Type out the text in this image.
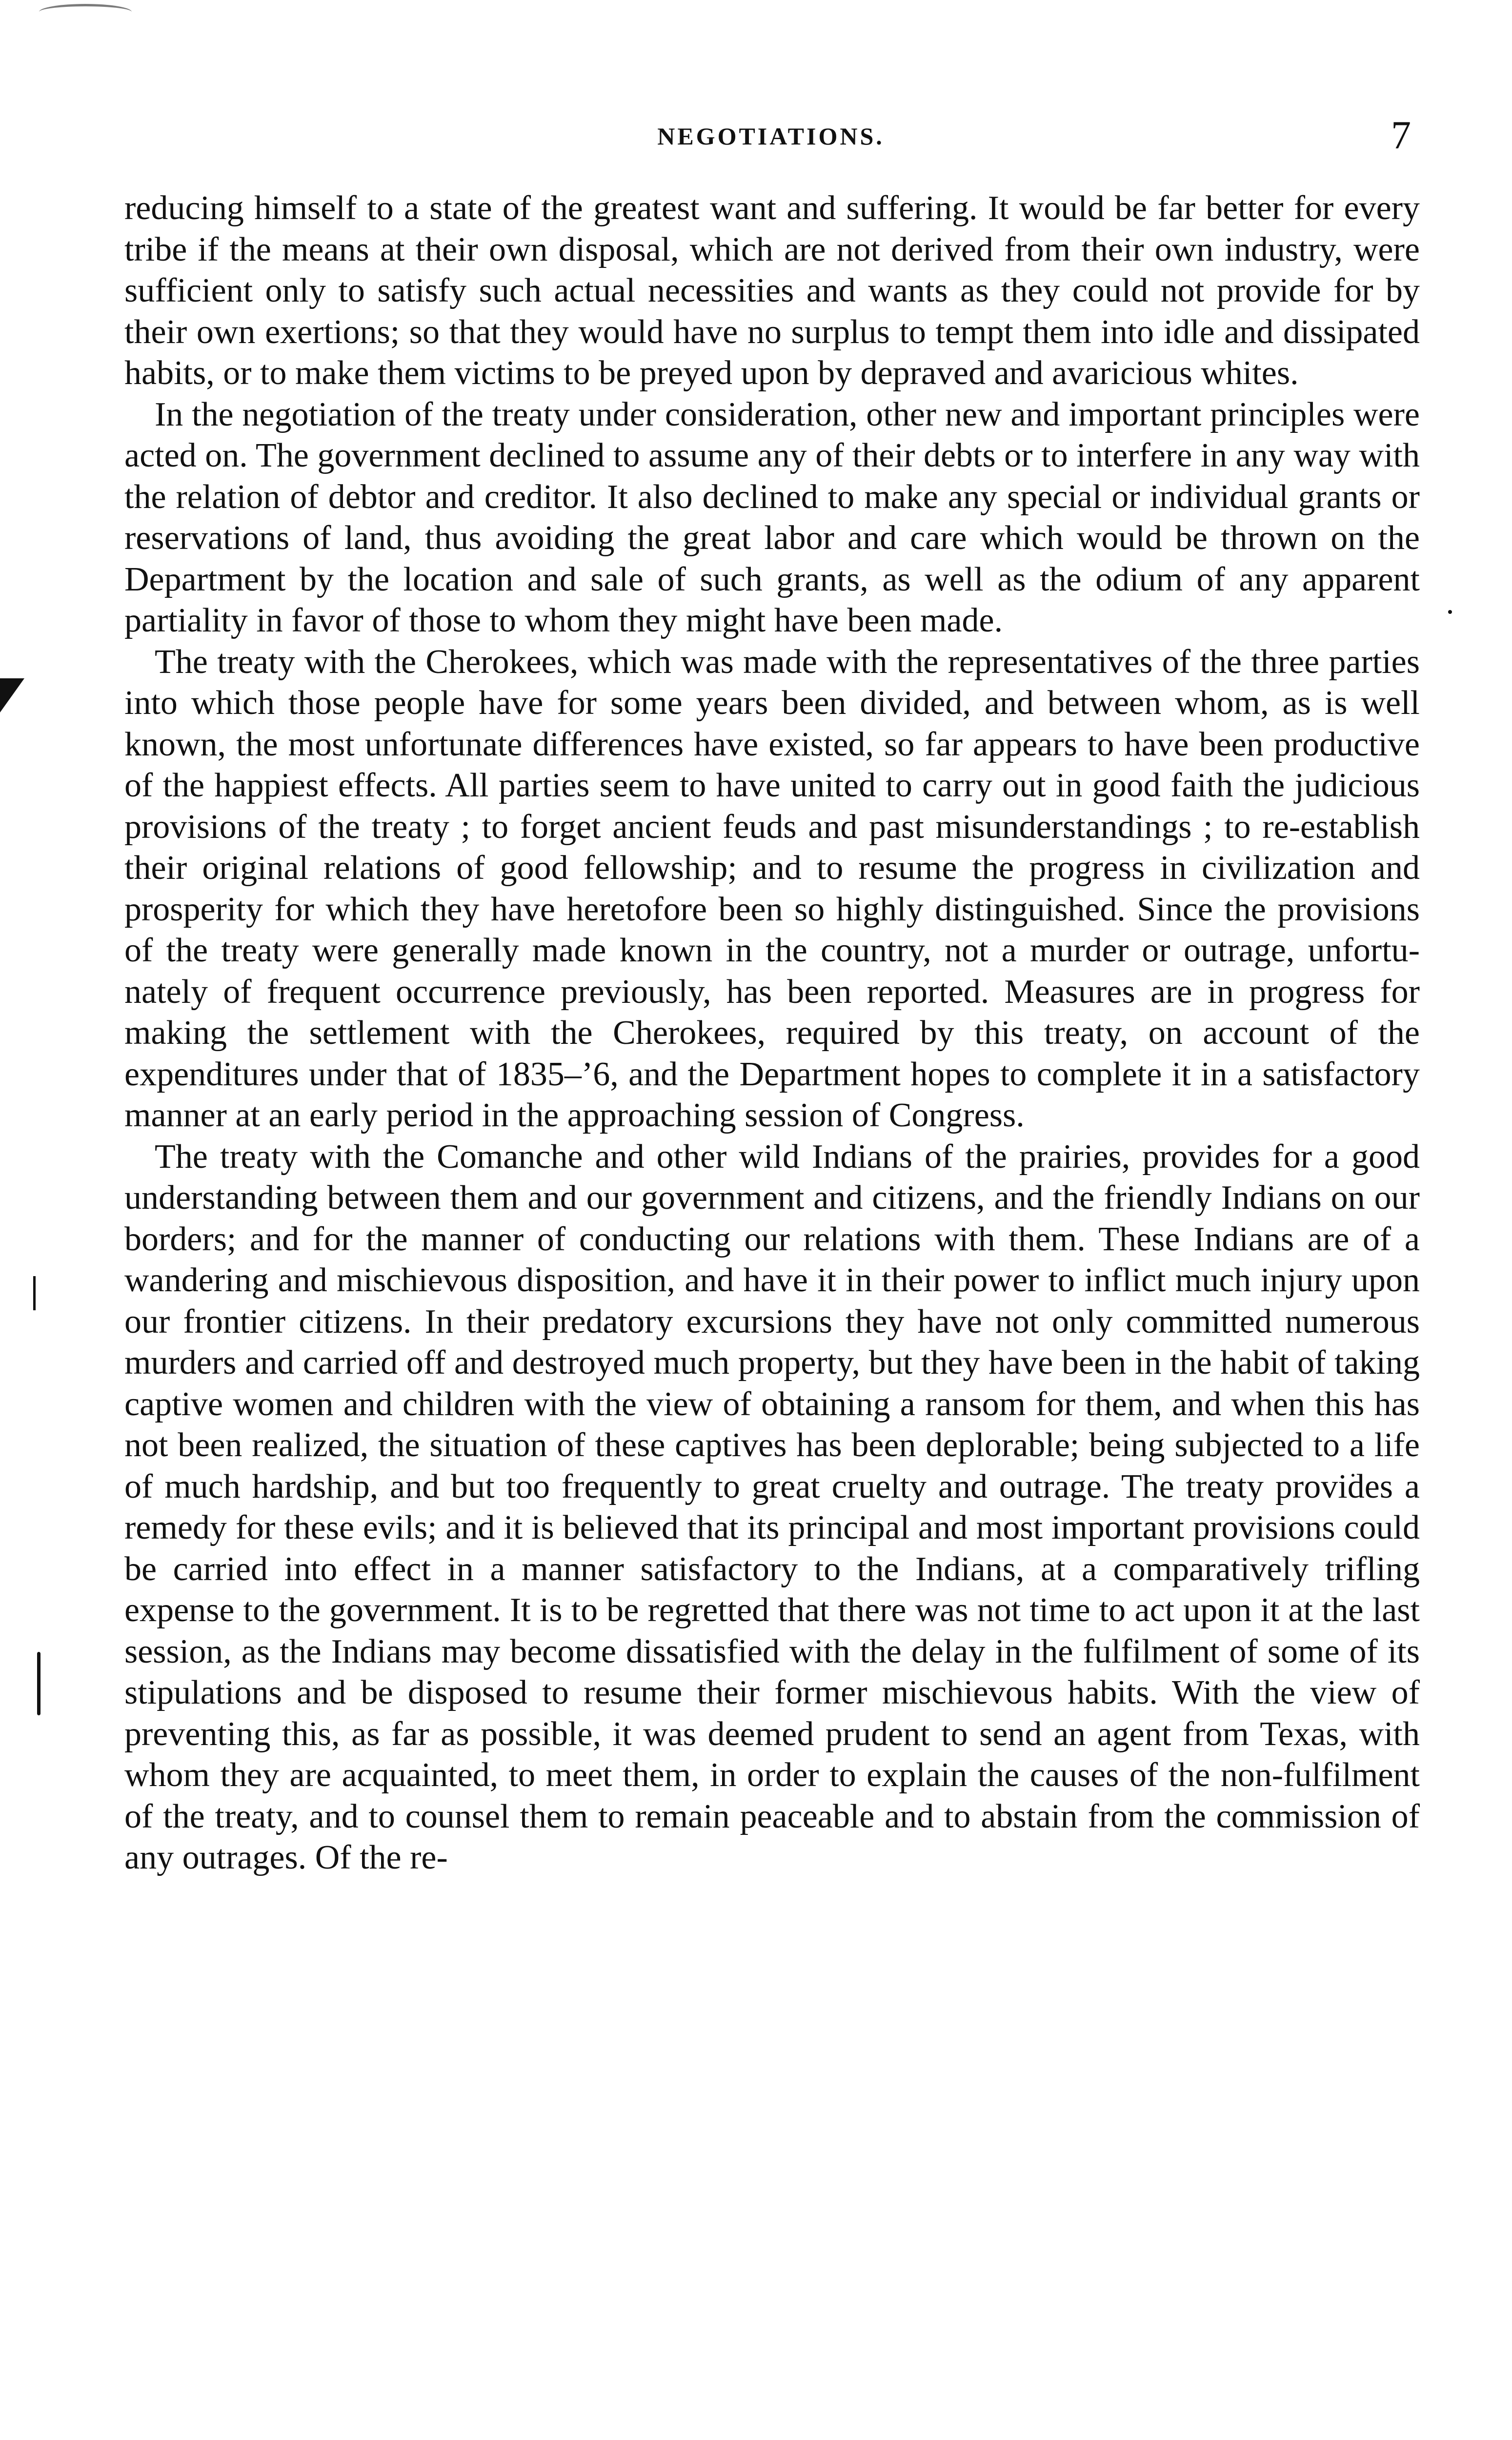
NEGOTIATIONS.	7

reducing himself to a state of the greatest want and suffering. It would be far better for every tribe if the means at their own disposal, which are not derived from their own industry, were sufficient only to satisfy such actual necessities and wants as they could not provide for by their own exertions; so that they would have no surplus to tempt them into idle and dissipated habits, or to make them victims to be preyed upon by depraved and avaricious whites.

In the negotiation of the treaty under consideration, other new and important principles were acted on. The government declined to assume any of their debts or to interfere in any way with the relation of debtor and creditor. It also declined to make any special or individual grants or reservations of land, thus avoiding the great labor and care which would be thrown on the Department by the location and sale of such grants, as well as the odium of any apparent partiality in favor of those to whom they might have been made.

The treaty with the Cherokees, which was made with the representatives of the three parties into which those people have for some years been divided, and between whom, as is well known, the most unfortunate differences have existed, so far appears to have been productive of the happiest effects. All parties seem to have united to carry out in good faith the judicious provisions of the treaty ; to forget ancient feuds and past misunderstandings ; to re-establish their original relations of good fellowship; and to resume the progress in civilization and prosperity for which they have heretofore been so highly distinguished. Since the provisions of the treaty were generally made known in the country, not a murder or outrage, unfortunately of frequent occurrence previously, has been reported. Measures are in progress for making the settlement with the Cherokees, required by this treaty, on account of the expenditures under that of 1835–’6, and the Department hopes to complete it in a satisfactory manner at an early period in the approaching session of Congress.

The treaty with the Comanche and other wild Indians of the prairies, provides for a good understanding between them and our government and citizens, and the friendly Indians on our borders; and for the manner of conducting our relations with them. These Indians are of a wandering and mischievous disposition, and have it in their power to inflict much injury upon our frontier citizens. In their predatory excursions they have not only committed numerous murders and carried off and destroyed much property, but they have been in the habit of taking captive women and children with the view of obtaining a ransom for them, and when this has not been realized, the situation of these captives has been deplorable; being subjected to a life of much hardship, and but too frequently to great cruelty and outrage. The treaty provides a remedy for these evils; and it is believed that its principal and most important provisions could be carried into effect in a manner satisfactory to the Indians, at a comparatively trifling expense to the government. It is to be regretted that there was not time to act upon it at the last session, as the Indians may become dissatisfied with the delay in the fulfilment of some of its stipulations and be disposed to resume their former mischievous habits. With the view of preventing this, as far as possible, it was deemed prudent to send an agent from Texas, with whom they are acquainted, to meet them, in order to explain the causes of the non-fulfilment of the treaty, and to counsel them to remain peaceable and to abstain from the commission of any outrages. Of the re-
